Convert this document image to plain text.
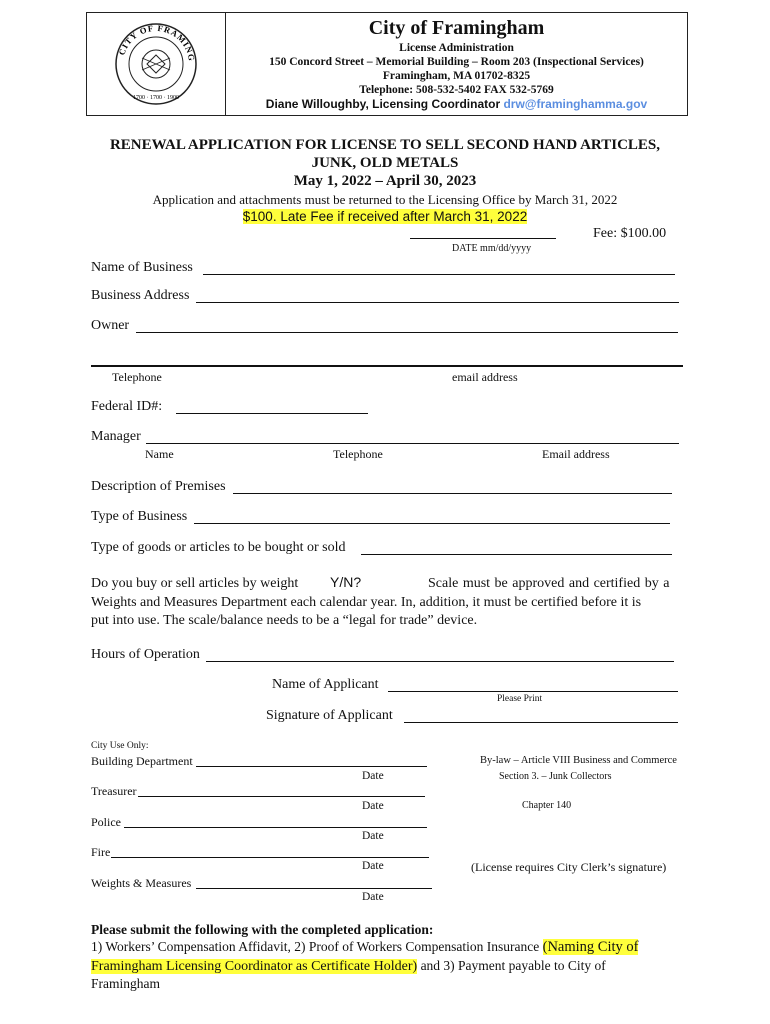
CITY OF FRAMING
1700 · 1700 · 1900
City of Framingham
License Administration
150 Concord Street – Memorial Building – Room 203 (Inspectional Services)
Framingham, MA 01702-8325
Telephone: 508-532-5402 FAX 532-5769
Diane Willoughby, Licensing Coordinator drw@framinghamma.gov
RENEWAL APPLICATION FOR LICENSE TO SELL SECOND HAND ARTICLES,
JUNK, OLD METALS
May 1, 2022 – April 30, 2023
Application and attachments must be returned to the Licensing Office by March 31, 2022
$100. Late Fee if received after March 31, 2022
Fee: $100.00
DATE mm/dd/yyyy
Name of Business
Business Address
Owner
Telephone	email address
Federal ID#:
Manager
Name	Telephone	Email address
Description of Premises
Type of Business
Type of goods or articles to be bought or sold
Do you buy or sell articles by weight Y/N?	Scale must be approved and certified by a
Weights and Measures Department each calendar year. In, addition, it must be certified before it is
put into use. The scale/balance needs to be a “legal for trade” device.
Hours of Operation
Name of Applicant
Please Print
Signature of Applicant
City Use Only:
Building Department
Date
Treasurer
Date
Police
Date
Fire
Date
Weights & Measures
Date
By-law – Article VIII Business and Commerce
Section 3. – Junk Collectors
Chapter 140
(License requires City Clerk’s signature)
Please submit the following with the completed application:
1) Workers’ Compensation Affidavit, 2) Proof of Workers Compensation Insurance (Naming City of
Framingham Licensing Coordinator as Certificate Holder) and 3) Payment payable to City of
Framingham
